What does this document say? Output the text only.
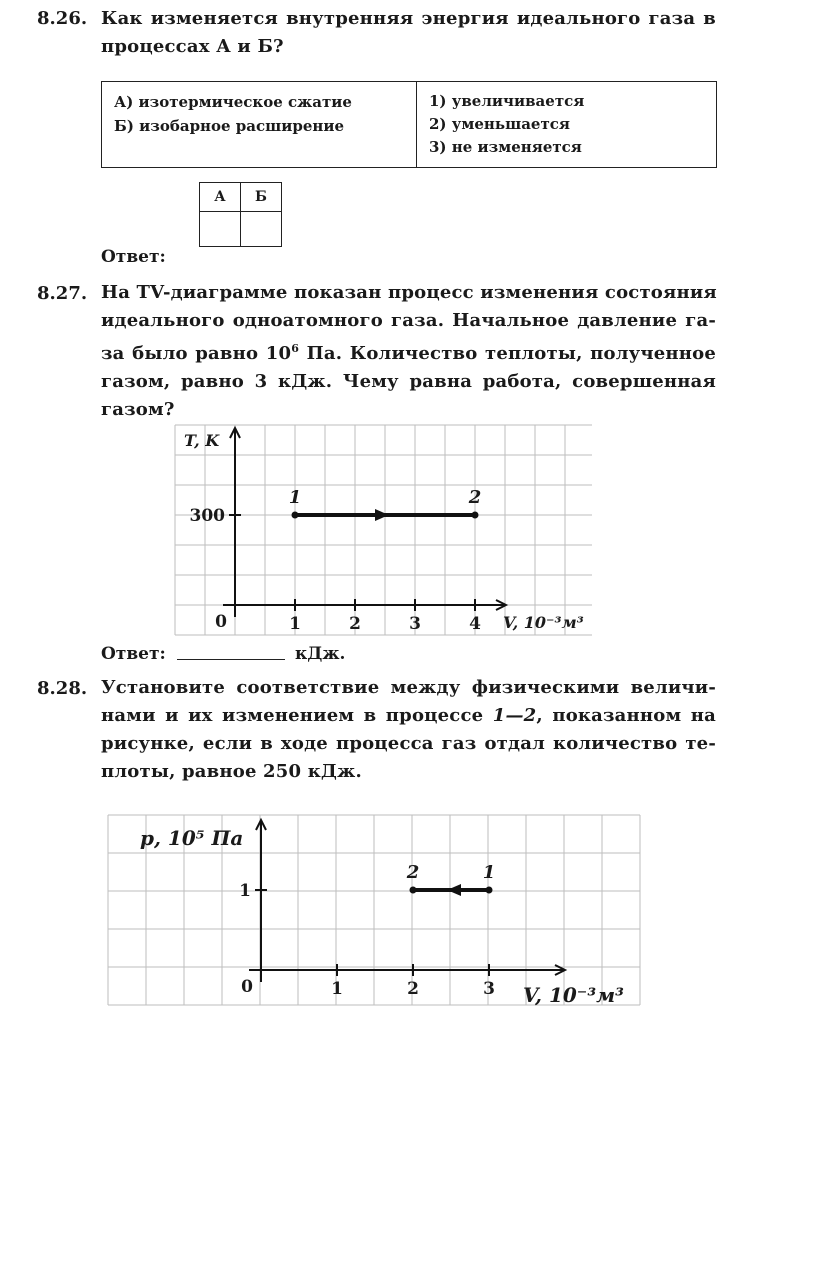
8.26. Как изменяется внутренняя энергия идеального газа в
процессах А и Б?
А) изотермическое сжатие
Б) изобарное расширение
1) увеличивается
2) уменьшается
3) не изменяется
Ответ:
А	Б

8.27. На TV-диаграмме показан процесс изменения состояния
идеального одноатомного газа. Начальное давление га-
за было равно $10^6$ Па. Количество теплоты, полученное
газом, равно 3 кДж. Чему равна работа, совершенная
газом?
0	1	2	3	4
300
T, K
V, 10⁻³м³
1	2
Ответ:	кДж.
8.28. Установите соответствие между физическими величи-
нами и их изменением в процессе 1—2, показанном на
рисунке, если в ходе процесса газ отдал количество те-
плоты, равное 250 кДж.
0	1	2	3
1
p, 10⁵ Па
V, 10⁻³м³
1
2
